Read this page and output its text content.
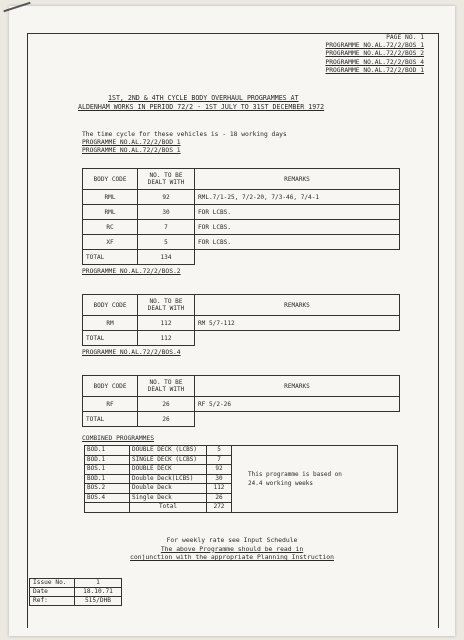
PAGE NO. 1
PROGRAMME NO.AL.72/2/BOS 1
PROGRAMME NO.AL.72/2/BOS 2
PROGRAMME NO.AL.72/2/BOS 4
PROGRAMME NO.AL.72/2/BOD 1
1ST, 2ND & 4TH CYCLE BODY OVERHAUL PROGRAMMES AT
ALDENHAM WORKS IN PERIOD 72/2 - 1ST JULY TO 31ST DECEMBER 1972
The time cycle for these vehicles is - 18 working days
PROGRAMME NO.AL.72/2/BOD 1
PROGRAMME NO.AL.72/2/BOS 1
BODY CODE	NO. TO BE DEALT WITH	REMARKS
RML	92	RML.7/1-25, 7/2-20, 7/3-46, 7/4-1
RML	30	FOR LCBS.
RC	7	FOR LCBS.
XF	5	FOR LCBS.
TOTAL	134	
PROGRAMME NO.AL.72/2/BOS.2
BODY CODE	NO. TO BE DEALT WITH	REMARKS
RM	112	RM 5/7-112
TOTAL	112	
PROGRAMME NO.AL.72/2/BOS.4
BODY CODE	NO. TO BE DEALT WITH	REMARKS
RF	26	RF 5/2-26
TOTAL	26	
COMBINED PROGRAMMES
BOD.1	DOUBLE DECK (LCBS)	5	This programme is based on
24.4 working weeks

BOD.1	SINGLE DECK (LCBS)	7	
BOS.1	DOUBLE DECK	92	
BOD.1	Double Deck(LCBS)	30	
BOS.2	Double Deck	112	
BOS.4	Single Deck	26	
	Total	272	
For weekly rate see Input Schedule
The above Programme should be read in
conjunction with the appropriate Planning Instruction
Issue No.	1
Date	18.10.71
Ref:	515/DHB
